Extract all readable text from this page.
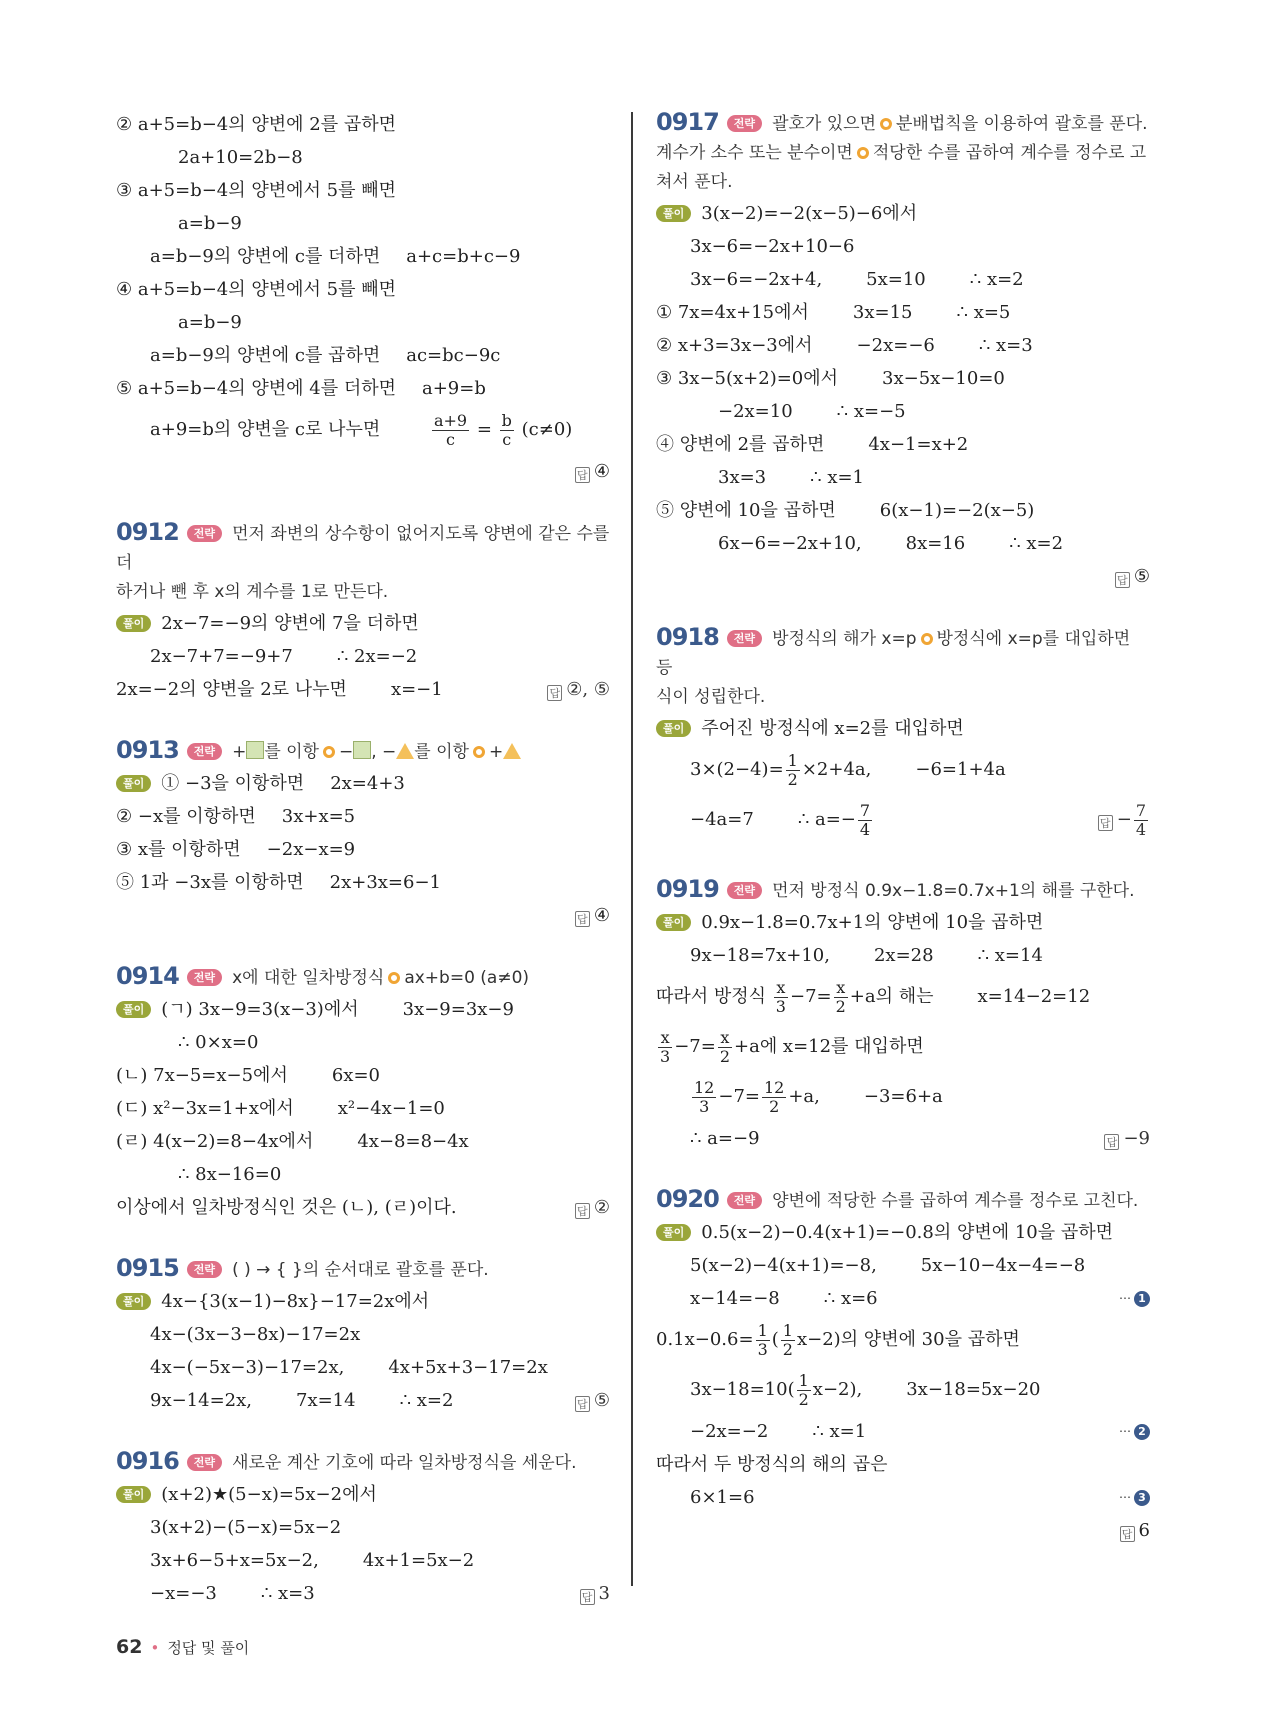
② a+5=b−4의 양변에 2를 곱하면
2a+10=2b−8
③ a+5=b−4의 양변에서 5를 빼면
a=b−9
a=b−9의 양변에 c를 더하면 a+c=b+c−9
④ a+5=b−4의 양변에서 5를 빼면
a=b−9
a=b−9의 양변에 c를 곱하면 ac=bc−9c
⑤ a+5=b−4의 양변에 4를 더하면 a+9=b
a+9=b의 양변을 c로 나누면	$\frac{a+9}{c} = \frac{b}{c} (c\ne 0)$
답 ④
0912 전략 먼저 좌변의 상수항이 없어지도록 양변에 같은 수를 더
하거나 뺀 후 x의 계수를 1로 만든다.
풀이 2x−7=−9의 양변에 7을 더하면
2x−7+7=−9+7 ∴ 2x=−2
2x=−2의 양변을 2로 나누면 x=−1	답 ②, ⑤
0913 전략 + 를 이항 − , − 를 이항 +
풀이 ① −3을 이항하면 2x=4+3
② −x를 이항하면 3x+x=5
③ x를 이항하면 −2x−x=9
⑤ 1과 −3x를 이항하면 2x+3x=6−1
답 ④
0914 전략 x에 대한 일차방정식 ax+b=0 (a≠0)
풀이 (ㄱ) 3x−9=3(x−3)에서 3x−9=3x−9
∴ 0×x=0
(ㄴ) 7x−5=x−5에서 6x=0
(ㄷ) x²−3x=1+x에서 x²−4x−1=0
(ㄹ) 4(x−2)=8−4x에서 4x−8=8−4x
∴ 8x−16=0
이상에서 일차방정식인 것은 (ㄴ), (ㄹ)이다.	답 ②
0915 전략 ( ) → { }의 순서대로 괄호를 푼다.
풀이 4x−{3(x−1)−8x}−17=2x에서
4x−(3x−3−8x)−17=2x
4x−(−5x−3)−17=2x, 4x+5x+3−17=2x
9x−14=2x, 7x=14 ∴ x=2	답 ⑤
0916 전략 새로운 계산 기호에 따라 일차방정식을 세운다.
풀이 (x+2)★(5−x)=5x−2에서
3(x+2)−(5−x)=5x−2
3x+6−5+x=5x−2, 4x+1=5x−2
−x=−3 ∴ x=3	답 3
0917 전략 괄호가 있으면 분배법칙을 이용하여 괄호를 푼다.
계수가 소수 또는 분수이면 적당한 수를 곱하여 계수를 정수로 고
쳐서 푼다.
풀이 3(x−2)=−2(x−5)−6에서
3x−6=−2x+10−6
3x−6=−2x+4, 5x=10 ∴ x=2
① 7x=4x+15에서 3x=15 ∴ x=5
② x+3=3x−3에서 −2x=−6 ∴ x=3
③ 3x−5(x+2)=0에서 3x−5x−10=0
−2x=10 ∴ x=−5
④ 양변에 2를 곱하면 4x−1=x+2
3x=3 ∴ x=1
⑤ 양변에 10을 곱하면 6(x−1)=−2(x−5)
6x−6=−2x+10, 8x=16 ∴ x=2
답 ⑤
0918 전략 방정식의 해가 x=p 방정식에 x=p를 대입하면 등
식이 성립한다.
풀이 주어진 방정식에 x=2를 대입하면
$3\times(2-4)= \frac{1}{2} \times 2+4a$, −6=1+4a
−4a=7 ∴ $a=- \frac{7}{4}$	답 − $\frac{7}{4}$
0919 전략 먼저 방정식 0.9x−1.8=0.7x+1의 해를 구한다.
풀이 0.9x−1.8=0.7x+1의 양변에 10을 곱하면
9x−18=7x+10, 2x=28 ∴ x=14
따라서 방정식 $\frac{x}{3} -7= \frac{x}{2} +a$의 해는 x=14−2=12
$\frac{x}{3} -7= \frac{x}{2} +a$에 x=12를 대입하면
$\frac{12}{3} -7= \frac{12}{2} +a$, −3=6+a
∴ a=−9	답 −9
0920 전략 양변에 적당한 수를 곱하여 계수를 정수로 고친다.
풀이 0.5(x−2)−0.4(x+1)=−0.8의 양변에 10을 곱하면
5(x−2)−4(x+1)=−8, 5x−10−4x−4=−8
x−14=−8 ∴ x=6	⋯ 1
$0.1x-0.6= \frac{1}{3}$ ( $\frac{1}{2} x-2$)의 양변에 30을 곱하면
$3x-18=10( \frac{1}{2} x-2)$, 3x−18=5x−20
−2x=−2 ∴ x=1	⋯ 2
따라서 두 방정식의 해의 곱은
6×1=6	⋯ 3
답 6
62 • 정답 및 풀이
